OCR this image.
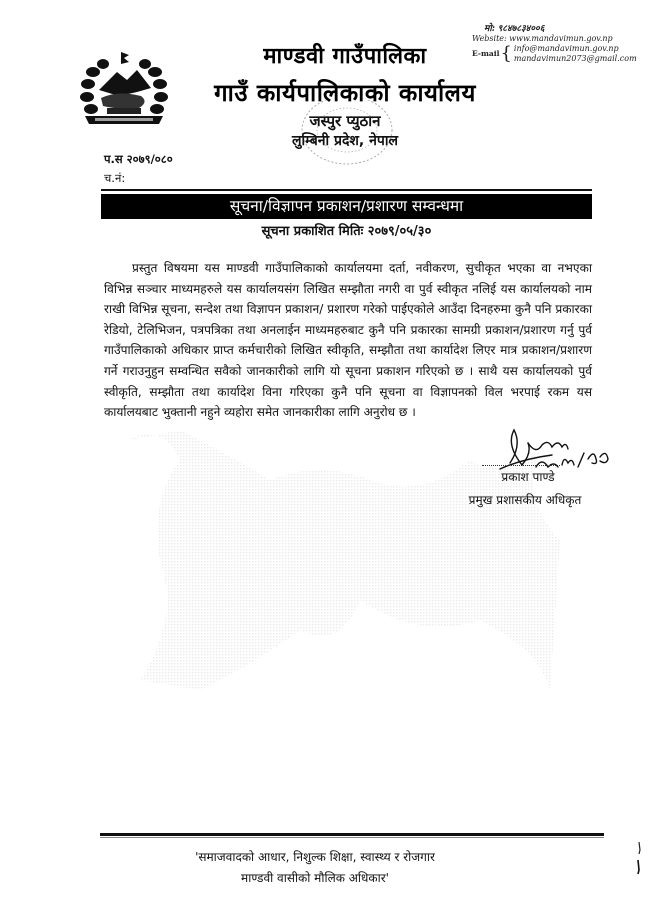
माण्डवी गाउँपालिका
गाउँ कार्यपालिकाको कार्यालय
जस्पुर प्युठान
लुम्बिनी प्रदेश, नेपाल
मो: ९८४७८३४००६
Website: www.mandavimun.gov.np
E-mail { info@mandavimun.gov.np
mandavimun2073@gmail.com
प.स २०७९/०८०
च.नं:
सूचना/विज्ञापन प्रकाशन/प्रशारण सम्वन्धमा
सूचना प्रकाशित मितिः २०७९/०५/३०
प्रस्तुत विषयमा यस माण्डवी गाउँपालिकाको कार्यालयमा दर्ता, नवीकरण, सुचीकृत भएका वा नभएका विभिन्न सञ्चार माध्यमहरुले यस कार्यालयसंग लिखित सम्झौता नगरी वा पुर्व स्वीकृत नलिई यस कार्यालयको नाम राखी विभिन्न सूचना, सन्देश तथा विज्ञापन प्रकाशन/ प्रशारण गरेको पाईएकोले आउँदा दिनहरुमा कुनै पनि प्रकारका रेडियो, टेलिभिजन, पत्रपत्रिका तथा अनलाईन माध्यमहरुबाट कुनै पनि प्रकारका सामग्री प्रकाशन/प्रशारण गर्नु पुर्व गाउँपालिकाको अधिकार प्राप्त कर्मचारीको लिखित स्वीकृति, सम्झौता तथा कार्यादेश लिएर मात्र प्रकाशन/प्रशारण गर्ने गराउनुहुन सम्वन्धित सवैको जानकारीको लागि यो सूचना प्रकाशन गरिएको छ । साथै यस कार्यालयको पुर्व स्वीकृति, सम्झौता तथा कार्यादेश विना गरिएका कुनै पनि सूचना वा विज्ञापनको विल भरपाई रकम यस कार्यालयबाट भुक्तानी नहुने व्यहोरा समेत जानकारीका लागि अनुरोध छ ।
प्रकाश पाण्डे
प्रमुख प्रशासकीय अधिकृत
'समाजवादको आधार, निशुल्क शिक्षा, स्वास्थ्य र रोजगार
माण्डवी वासीको मौलिक अधिकार'
